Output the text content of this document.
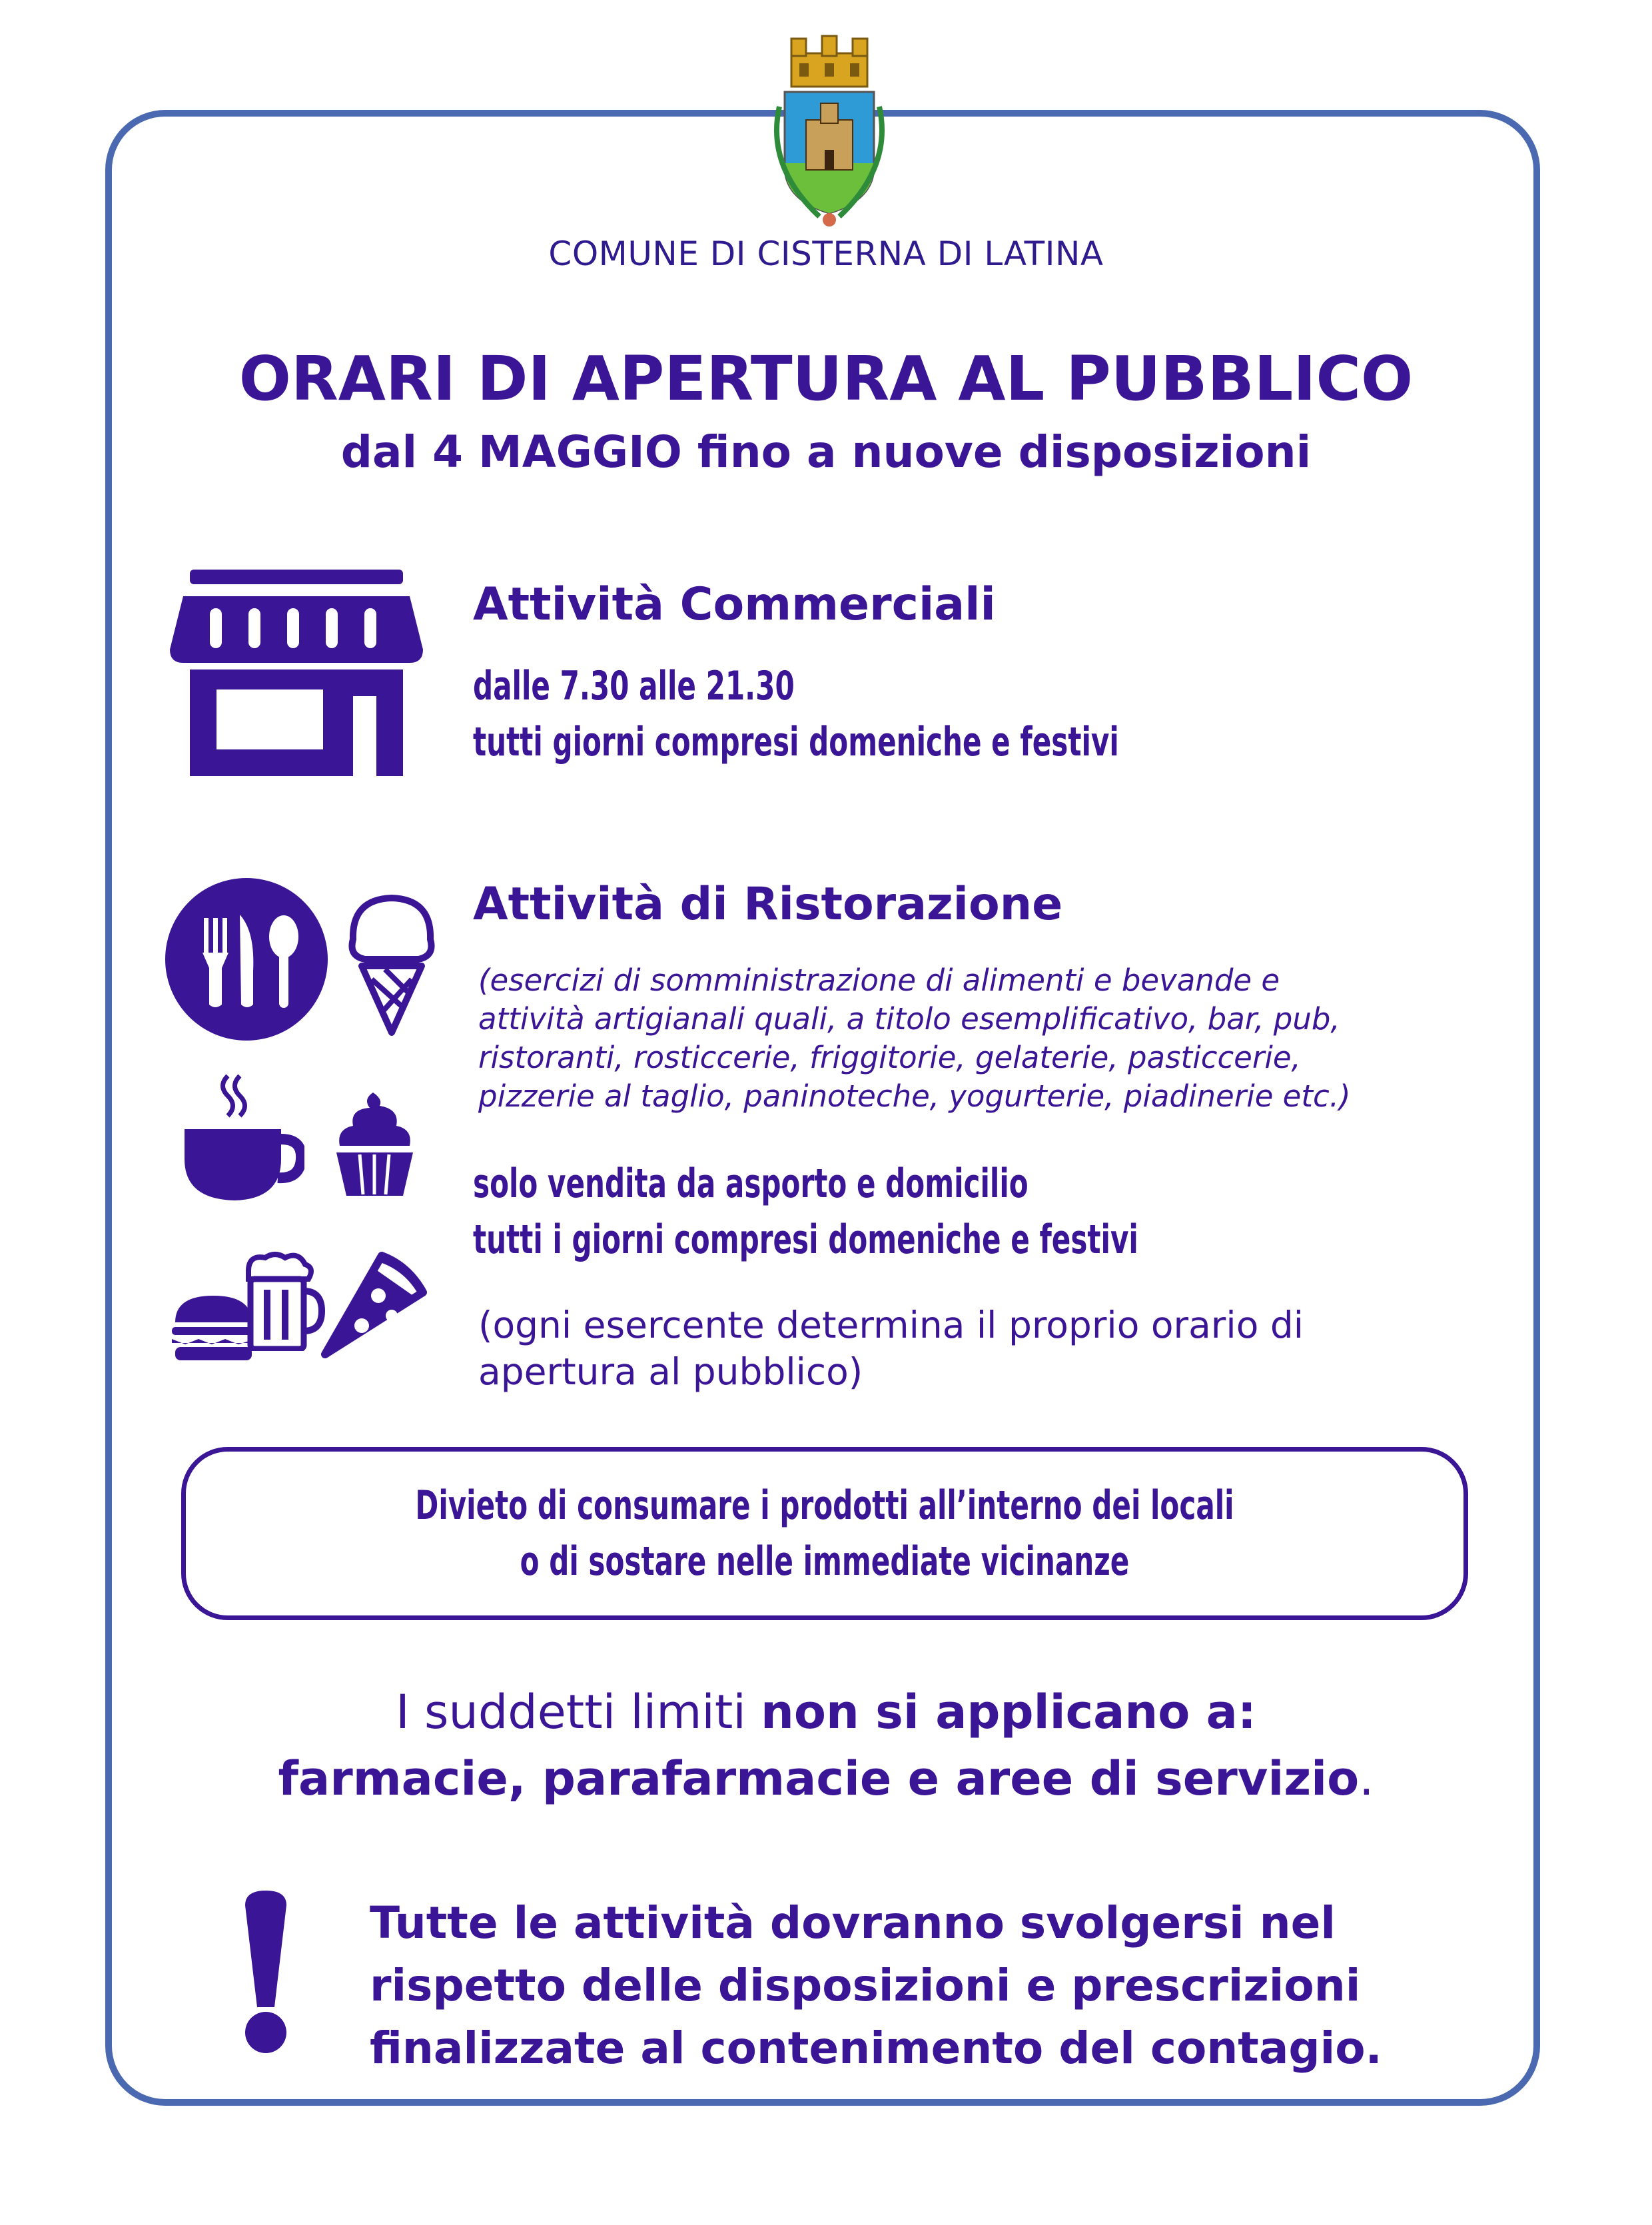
COMUNE DI CISTERNA DI LATINA
ORARI DI APERTURA AL PUBBLICO
dal 4 MAGGIO fino a nuove disposizioni
Attività Commerciali
dalle 7.30 alle 21.30
tutti giorni compresi domeniche e festivi
Attività di Ristorazione
(esercizi di somministrazione di alimenti e bevande e
attività artigianali quali, a titolo esemplificativo, bar, pub,
ristoranti, rosticcerie, friggitorie, gelaterie, pasticcerie,
pizzerie al taglio, paninoteche, yogurterie, piadinerie etc.)
solo vendita da asporto e domicilio
tutti i giorni compresi domeniche e festivi
(ogni esercente determina il proprio orario di
apertura al pubblico)
Divieto di consumare i prodotti all’interno dei locali
o di sostare nelle immediate vicinanze
I suddetti limiti non si applicano a:
farmacie, parafarmacie e aree di servizio.
Tutte le attività dovranno svolgersi nel
rispetto delle disposizioni e prescrizioni
finalizzate al contenimento del contagio.
